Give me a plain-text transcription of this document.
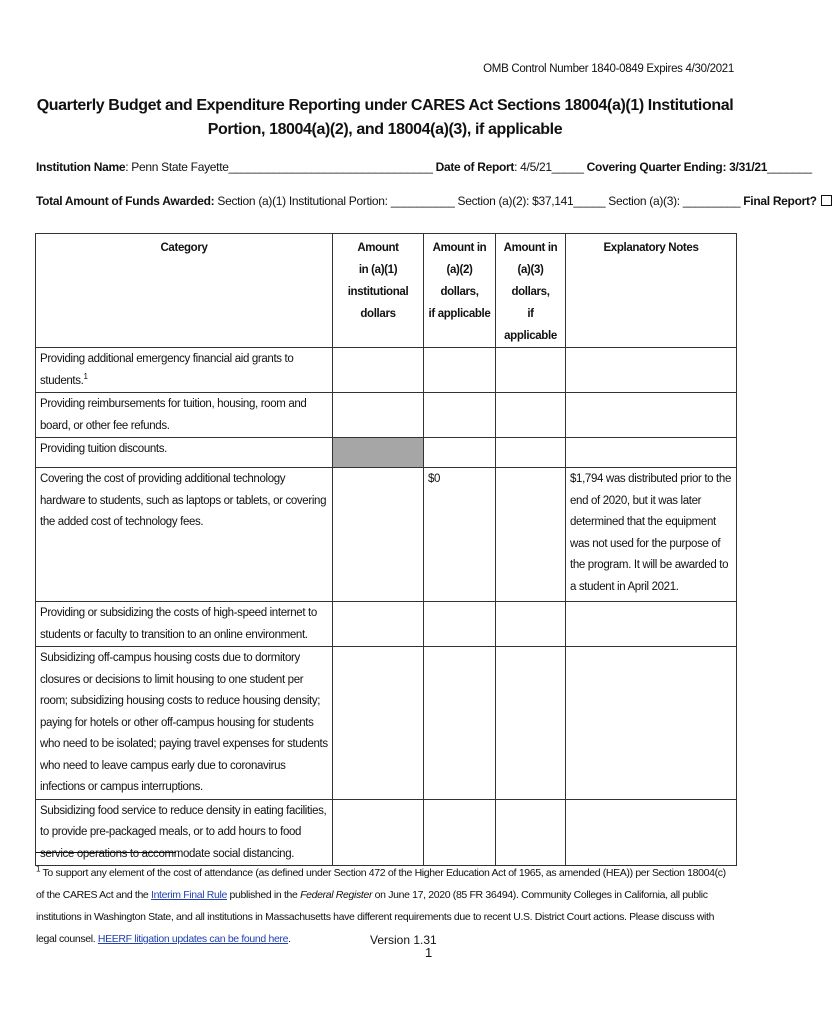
OMB Control Number 1840-0849 Expires 4/30/2021
Quarterly Budget and Expenditure Reporting under CARES Act Sections 18004(a)(1) Institutional Portion, 18004(a)(2), and 18004(a)(3), if applicable
Institution Name: Penn State Fayette________________________________ Date of Report: 4/5/21_____ Covering Quarter Ending: 3/31/21_______
Total Amount of Funds Awarded: Section (a)(1) Institutional Portion: __________ Section (a)(2): $37,141_____ Section (a)(3): _________ Final Report?
Category	Amount
in (a)(1)
institutional dollars	Amount in
(a)(2) dollars,
if applicable	Amount in
(a)(3) dollars,
if applicable	Explanatory Notes
Providing additional emergency financial aid grants to students.$^1$				
Providing reimbursements for tuition, housing, room and board, or other fee refunds.				
Providing tuition discounts.				
Covering the cost of providing additional technology hardware to students, such as laptops or tablets, or covering the added cost of technology fees.		$0		$1,794 was distributed prior to the end of 2020, but it was later determined that the equipment was not used for the purpose of the program. It will be awarded to a student in April 2021.
Providing or subsidizing the costs of high-speed internet to students or faculty to transition to an online environment.				
Subsidizing off-campus housing costs due to dormitory closures or decisions to limit housing to one student per room; subsidizing housing costs to reduce housing density; paying for hotels or other off-campus housing for students who need to be isolated; paying travel expenses for students who need to leave campus early due to coronavirus infections or campus interruptions.				
Subsidizing food service to reduce density in eating facilities, to provide pre-packaged meals, or to add hours to food service operations to accommodate social distancing.				
$^1$ To support any element of the cost of attendance (as defined under Section 472 of the Higher Education Act of 1965, as amended (HEA)) per Section 18004(c) of the CARES Act and the Interim Final Rule published in the Federal Register on June 17, 2020 (85 FR 36494). Community Colleges in California, all public institutions in Washington State, and all institutions in Massachusetts have different requirements due to recent U.S. District Court actions. Please discuss with legal counsel. HEERF litigation updates can be found here.	Version 1.31
1
